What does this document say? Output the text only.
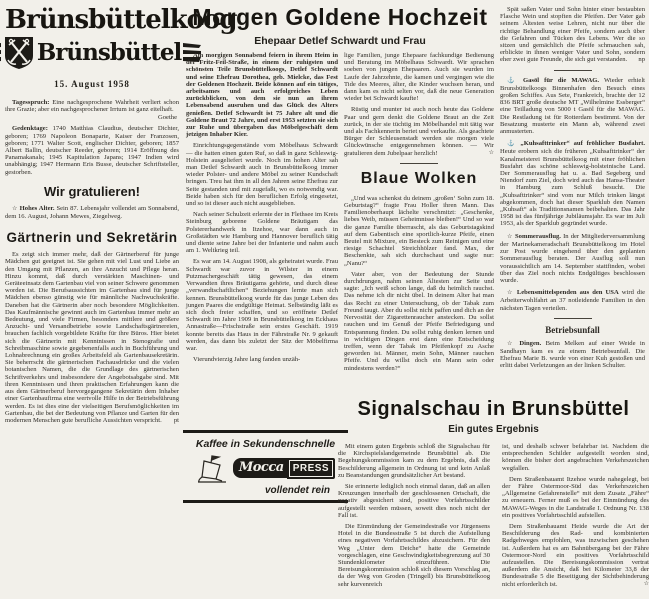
Brünsbüttelkoog
Brünsbüttel
15. August 1958

Tagesspruch: Eine nachgesprochene Wahrheit verliert schon ihre Grazie; aber ein nachgesprochener Irrtum ist ganz eitelhaft.

Goethe

Gedenktage: 1740 Matthias Claudius, deutscher Dichter, geboren; 1769 Napoleon Bonaparte, Kaiser der Franzosen, geboren; 1771 Walter Scott, englischer Dichter, geboren; 1857 Albert Ballin, deutscher Reeder, geboren; 1914 Eröffnung des Panamakanals; 1945 Kapitulation Japans; 1947 Indien wird unabhängig; 1947 Hermann Eris Busse, deutscher Schriftsteller, gestorben.

Wir gratulieren!

☆ Hohes Alter. Sein 87. Lebensjahr vollendet am Sonnabend, dem 16. August, Johann Mewes, Ziegelweg.

Gärtnerin und Sekretärin

Es zeigt sich immer mehr, daß der Gärtnerberuf für junge Mädchen gut geeignet ist. Sie gehen mit viel Lust und Liebe an den Umgang mit Pflanzen, an ihre Anzucht und Pflege heran. Hinzu kommt, daß durch verstärkten Maschinen- und Geräteeinsatz dem Gartenbau viel von seiner Schwere genommen worden ist. Die Berufsaussichten im Gartenbau sind für junge Mädchen ebenso günstig wie für männliche Nachwuchskräfte. Daneben hat die Gärtnerin aber noch besondere Möglichkeiten. Das Kaufmännische gewinnt auch im Gartenbau immer mehr an Bedeutung, und viele Firmen, besonders mittlere und größere Anzucht- und Versandbetriebe sowie Landschaftsgärtnereien, brauchen fachlich vorgebildete Kräfte für ihre Büros. Hier bietet sich die Gärtnerin mit Kenntnissen in Stenografie und Schreibmaschine sowie gegebenenfalls auch in Buchführung und Lohnabrechnung ein großes Arbeitsfeld als Gartenbausekretärin. Sie beherrscht die gärtnerischen Fachausdrücke und die vielen botanischen Namen, die die Grundlage des gärtnerischen Schriftverkehrs und insbesondere der Angebotsabgabe sind. Mit ihren Kenntnissen und ihren praktischen Erfahrungen kann die aus dem Gärtnerberuf hervorgegangene Sekretärin dem Inhaber einer Gartenbaufirma eine wertvolle Hilfe in der Betriebsführung werden. Es ist dies eine der vielseitigen Berufsmöglichkeiten im Gartenbau, die bei der Bedeutung von Pflanze und Garten für den modernen Menschen gute berufliche Aussichten verspricht.	pt

Morgen Goldene Hochzeit
Ehepaar Detlef Schwardt und Frau

Am morgigen Sonnabend feiern in ihrem Heim in der Fritz-Feil-Straße, in einem der ruhigsten und schönsten Teile Brunsbüttelkoogs, Detlef Schwardt und seine Ehefrau Dorothea, geb. Mielcke, das Fest der Goldenen Hochzeit. Beide können auf ein tätiges, arbeitsames und auch erfolgreiches Leben zurückblicken, von dem sie nun an ihrem Lebensabend ausruhen und das Glück des Alters genießen. Detlef Schwardt ist 75 Jahre alt und die Goldene Braut 72 Jahre, und erst 1953 setzten sie sich zur Ruhe und übergaben das Möbelgeschäft dem jetzigen Inhaber Kier.

Einrichtungsgegenstände vom Möbelhaus Schwardt — die hatten einen guten Ruf, so daß in ganz Schleswig-Holstein ausgeliefert wurde. Noch im hohen Alter sah man Detlef Schwardt auch in Brunsbüttelkoog immer wieder Polster- und andere Möbel zu seiner Kundschaft bringen. Treu hat ihm in all den Jahren seine Ehefrau zur Seite gestanden und mit zugefaßt, wo es notwendig war. Beide haben sich für den beruflichen Erfolg eingesetzt, und so ist dieser auch nicht ausgeblieben.

Nach seiner Schulzeit erlernte der in Flethsee im Kreis Steinburg geborene Goldene Bräutigam das Polstererhandwerk in Itzehoe, war dann auch in Großstädten wie Hamburg und Hannover beruflich tätig und diente seine Jahre bei der Infanterie und nahm auch am 1. Weltkrieg teil.

Es war am 14. August 1908, als geheiratet wurde. Frau Schwardt war zuvor in Wilster in einem Putzmachergeschäft tätig gewesen, das einem Verwandten ihres Bräutigams gehörte, und durch diese „verwandtschaftlichen“ Beziehungen lernte man sich kennen. Brunsbüttelkoog wurde für das junge Leben des jungen Paares die endgültige Heimat. Selbständig läßt es sich doch freier schaffen, und so eröffnete Detlef Schwardt im Jahre 1909 in Brunsbüttelkoog im Eckhaus Annastraße—Frischstraße sein erstes Geschäft. 1919 konnte bereits das Haus in der Fährstraße Nr. 9 gekauft werden, das dann bis zuletzt der Sitz der Möbelfirma war.

Vierundvierzig Jahre lang fanden unzäh-

lige Familien, junge Ehepaare fachkundige Bedienung und Beratung im Möbelhaus Schwardt. Wir sprachen soeben von jungen Ehepaaren. Auch sie wurden im Laufe der Jahrzehnte, die kamen und vergingen wie die Tide des Meeres, älter, die Kinder wuchsen heran, und dann kam es nicht selten vor, daß die neue Generation wieder bei Schwardt kaufte!

Rüstig und munter ist auch noch heute das Goldene Paar und gern denkt die Goldene Braut an die Zeit zurück, in der sie tüchtig im Möbelhandel mit tätig war und als Fachkennerin beriet und verkaufte. Als geachtete Bürger der Schleusenstadt werden sie morgen viele Glückwünsche entgegennehmen können. — Wir gratulieren dem Jubelpaar herzlich!	☆

Blaue Wolken

„Und was schenkst du deinem ‚großen‘ Sohn zum 18. Geburtstag?“ fragte Frau Holler ihren Mann. Das Familienoberhaupt lächelte verschmitzt: „Geschenke, liebes Weib, müssen Geheimnisse bleiben!“ Und so war die ganze Familie überrascht, als das Geburtstagskind auf dem Gabentisch eine sportlich-kurze Pfeife, einen Beutel mit Mixture, ein Besteck zum Reinigen und eine riesige Schachtel Streichhölzer fand. Max, der Beschenkte, sah sich durchschaut und sagte nur: „Nanu?“

Vater aber, von der Bedeutung der Stunde durchdrungen, nahm seinen Ältesten zur Seite und sagte: „Ich weiß schon lange, daß du heimlich rauchst. Das nehme ich dir nicht übel. In deinem Alter hat man das Recht zu einer Untersuchung, ob der Tabak zum Freund taugt. Aber du sollst nicht paffen und dich an der Nervosität der Zigarettenraucher anstecken. Du sollst rauchen und im Genuß der Pfeife Befriedigung und Entspannung finden. Du sollst ruhig denken lernen und in wichtigen Dingen erst dann eine Entscheidung treffen, wenn der Tabak im Pfeifenkopf zu Asche geworden ist. Männer, mein Sohn, Männer rauchen Pfeife. Und du willst doch ein Mann sein oder mindestens werden?“

Spät saßen Vater und Sohn hinter einer bestaubten Flasche Wein und stopften die Pfeifen. Der Vater gab seinem Ältesten weise Lehren, nicht nur über die richtige Behandlung einer Pfeife, sondern auch über die Gefahren und Tücken des Lebens. Wer die so sitzen und gemächlich die Pfeife schmauchen sah, erblickte in ihnen weniger Vater und Sohn, sondern eher zwei gute Freunde, die sich gut verstanden.	np

⚓ Gasöl für die MAWAG. Wieder erhielt Brunsbüttelkoogs Binnenhafen den Besuch eines großen Schiffes. Aus Sete, Frankreich, brachte der 12 836 BRT große deutsche MT „Wilhelmine Essberger“ eine Teilladung von 5000 t Gasöl für die MAWAG. Die Restladung ist für Rotterdam bestimmt. Von der Besatzung musterte ein Mann ab, während zwei anmusterten.

⚓ „Kuhsafttrinker“ auf fröhlicher Busfahrt. Heute erobern sich die früheren „Kuhsafttrinker“ der Kanalmeisterei Brunsbüttelkoog mit einer fröhlichen Busfahrt das schöne schleswig-holsteinische Land. Der Sommerausflug hat u. a. Bad Segeberg und Niendorf zum Ziel, doch wird auch das Hansa-Theater in Hamburg zum Schluß besucht. Die „Kuhsafttrinker“ sind vom nur Milch trinken längst abgekommen, doch hat dieser Sparklub den Namen „Kuhsaft“ als Traditionsnamen beibehalten. Das Jahr 1958 ist das fünfjährige Jubiläumsjahr. Es war im Juli 1953, als der Sparklub gegründet wurde.

☆ Sommerausflug. In der Mitgliederversammlung der Marinekameradschaft Brunsbüttelkoog im Hotel zur Post wurde eingehend über den geplanten Sommerausflug beraten. Der Ausflug soll nun voraussichtlich am 14. September stattfinden, wobei über das Ziel noch nichts Endgültiges beschlossen wurde.

☆ Lebensmittelspenden aus den USA wird die Arbeiterwohlfahrt an 37 notleidende Familien in den nächsten Tagen verteilen.

Betriebsunfall

☆ Dingen. Beim Melken auf einer Weide in Sandhayn kam es zu einem Betriebsunfall. Die Ehefrau Marie B. wurde von einer Kuh gestoßen und erlitt dabei Verletzungen an der linken Schulter.

Kaffee in Sekundenschnelle
Mocca PRESS
vollendet rein
Signalschau in Brunsbüttel
Ein gutes Ergebnis

Mit einem guten Ergebnis schloß die Signalschau für die Kirchspielslandgemeinde Brunsbüttel ab. Die Begehungskommission kam zu dem Ergebnis, daß die Beschilderung allgemein in Ordnung ist und kein Anlaß zu Beanstandungen grundsätzlicher Art bestand.

Sie erinnerte lediglich noch einmal daran, daß an allen Kreuzungen innerhalb der geschlossenen Ortschaft, die negativ abgesichert sind, positive Vorfahrtsschilder aufgestellt werden müssen, soweit dies noch nicht der Fall ist.

Die Einmündung der Gemeindestraße vor Jürgensens Hotel in die Bundesstraße 5 ist durch die Aufstellung eines negativen Vorfahrtsschildes abzusichern. Für den Weg „Unter dem Deiche“ hatte die Gemeinde vorgeschlagen, eine Geschwindigkeitsbegrenzung auf 30 Stundenkilometer einzuführen. Die Bereisungskommission schloß sich diesem Vorschlag an, da der Weg von Groden (Tringell) bis Brunsbüttelkoog sehr kurvenreich

ist, und deshalb schwer befahrbar ist. Nachdem die entsprechenden Schilder aufgestellt worden sind, können die bisher dort angebrachten Verkehrszeichen wegfallen.

Dem Straßenbauamt Itzehoe wurde nahegelegt, bei der Fähre Ostermoor-Süd das Verkehrszeichen „Allgemeine Gefahrenstelle“ mit dem Zusatz „Fähre“ zu erneuern. Ferner muß es bei der Einmündung des MAWAG-Weges in die Landstraße I. Ordnung Nr. 138 ein positives Vorfahrtsschild aufstellen.

Dem Straßenbauamt Heide wurde die Art der Beschilderung des Rad- und kombinierten Radgehweges empfohlen, was inzwischen geschehen ist. Außerdem hat es am Bahnübergang bei der Fähre Ostermoor-Nord ein positives Vorfahrtsschild aufzustellen. Die Bereisungskommission vertrat außerdem die Ansicht, daß bei Kilometer 33,8 der Bundesstraße 5 die Beseitigung der Sichtbehinderung nicht erforderlich ist.	☆
